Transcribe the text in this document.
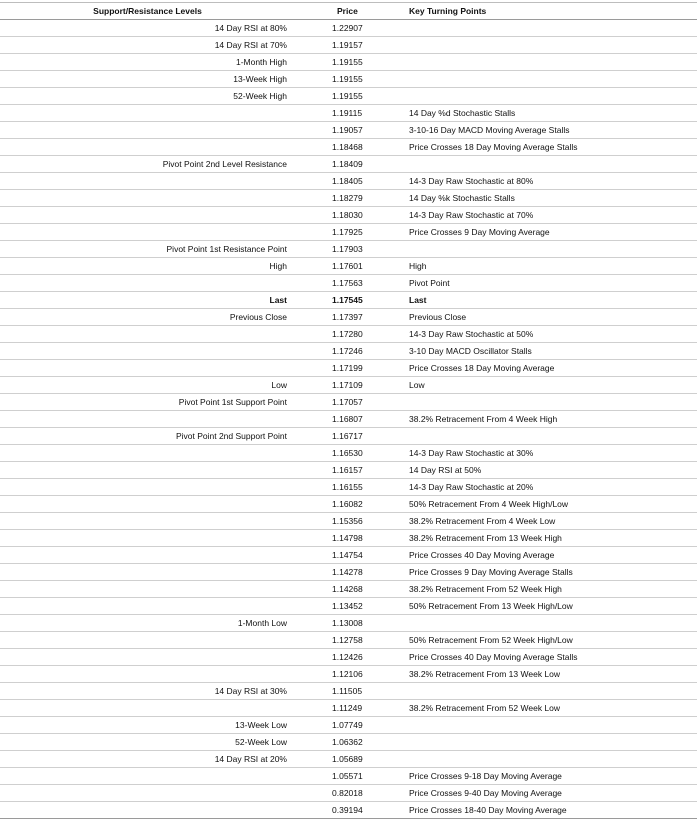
Support/Resistance Levels	Price	Key Turning Points
14 Day RSI at 80%	1.22907	
14 Day RSI at 70%	1.19157	
1-Month High	1.19155	
13-Week High	1.19155	
52-Week High	1.19155	
	1.19115	14 Day %d Stochastic Stalls
	1.19057	3-10-16 Day MACD Moving Average Stalls
	1.18468	Price Crosses 18 Day Moving Average Stalls
Pivot Point 2nd Level Resistance	1.18409	
	1.18405	14-3 Day Raw Stochastic at 80%
	1.18279	14 Day %k Stochastic Stalls
	1.18030	14-3 Day Raw Stochastic at 70%
	1.17925	Price Crosses 9 Day Moving Average
Pivot Point 1st Resistance Point	1.17903	
High	1.17601	High
	1.17563	Pivot Point
Last	1.17545	Last
Previous Close	1.17397	Previous Close
	1.17280	14-3 Day Raw Stochastic at 50%
	1.17246	3-10 Day MACD Oscillator Stalls
	1.17199	Price Crosses 18 Day Moving Average
Low	1.17109	Low
Pivot Point 1st Support Point	1.17057	
	1.16807	38.2% Retracement From 4 Week High
Pivot Point 2nd Support Point	1.16717	
	1.16530	14-3 Day Raw Stochastic at 30%
	1.16157	14 Day RSI at 50%
	1.16155	14-3 Day Raw Stochastic at 20%
	1.16082	50% Retracement From 4 Week High/Low
	1.15356	38.2% Retracement From 4 Week Low
	1.14798	38.2% Retracement From 13 Week High
	1.14754	Price Crosses 40 Day Moving Average
	1.14278	Price Crosses 9 Day Moving Average Stalls
	1.14268	38.2% Retracement From 52 Week High
	1.13452	50% Retracement From 13 Week High/Low
1-Month Low	1.13008	
	1.12758	50% Retracement From 52 Week High/Low
	1.12426	Price Crosses 40 Day Moving Average Stalls
	1.12106	38.2% Retracement From 13 Week Low
14 Day RSI at 30%	1.11505	
	1.11249	38.2% Retracement From 52 Week Low
13-Week Low	1.07749	
52-Week Low	1.06362	
14 Day RSI at 20%	1.05689	
	1.05571	Price Crosses 9-18 Day Moving Average
	0.82018	Price Crosses 9-40 Day Moving Average
	0.39194	Price Crosses 18-40 Day Moving Average
